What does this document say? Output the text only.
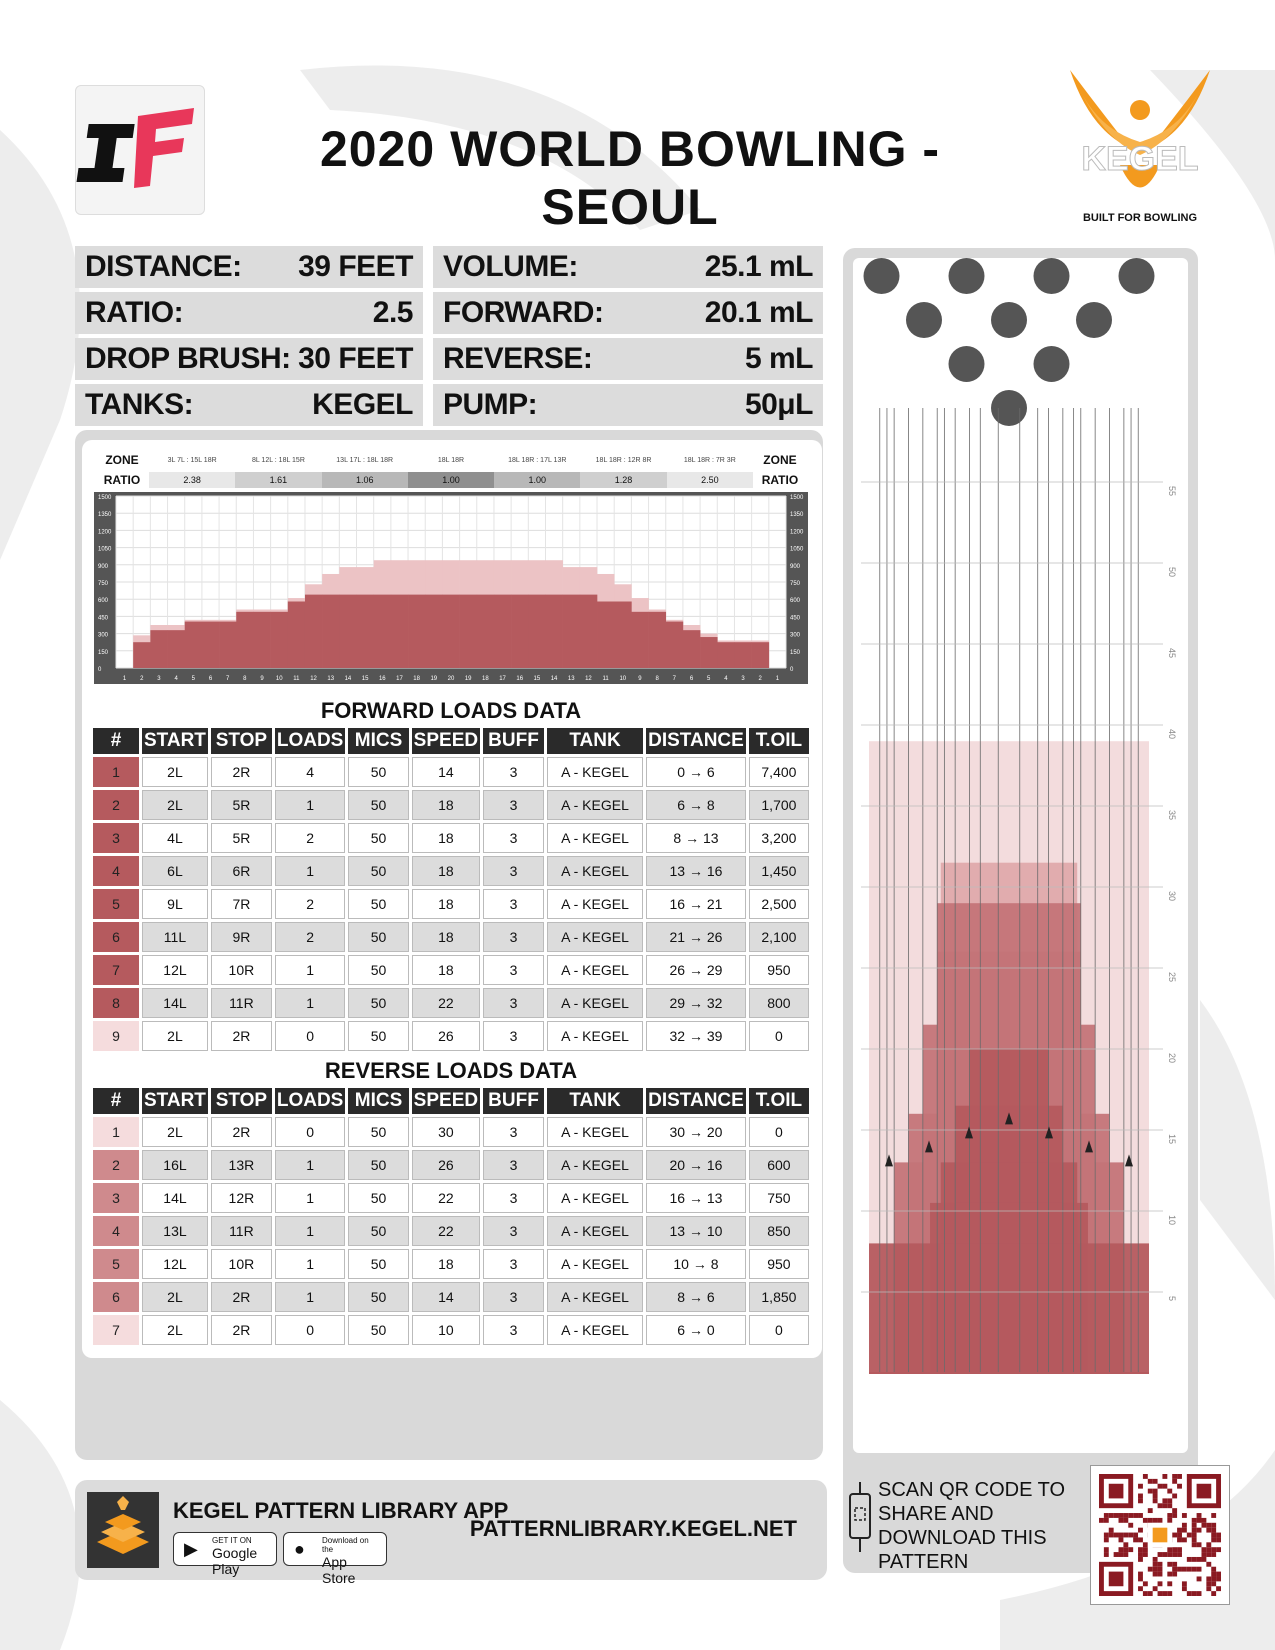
2020 WORLD BOWLING - SEOUL
KEGEL
BUILT FOR BOWLING
DISTANCE: 39 FEET
RATIO:	2.5
DROP BRUSH: 30 FEET
TANKS:	KEGEL
VOLUME:	25.1 mL
FORWARD:	20.1 mL
REVERSE:	5 mL
PUMP:	50μL
ZONE	3L 7L : 15L 18R	8L 12L : 18L 15R	13L 17L : 18L 18R	18L 18R	18L 18R : 17L 13R	18L 18R : 12R 8R	18L 18R : 7R 3R	ZONE
RATIO	2.38	1.61	1.06	1.00	1.00	1.28	2.50	RATIO
0	0
150	150
300	300
450	450
600	600
750	750
900	900
1050	1050
1200	1200
1350	1350
1500	1500
1 2 3 4 5 6 7 8 9 10 11 12 13 14 15 16 17 18 19 20 19 18 17 16 15 14 13 12 11 10 9 8 7 6 5 4 3 2 1
FORWARD LOADS DATA
#	START	STOP	LOADS	MICS	SPEED	BUFF	TANK	DISTANCE	T.OIL
1	2L	2R	4	50	14	3	A - KEGEL	0 → 6	7,400
2	2L	5R	1	50	18	3	A - KEGEL	6 → 8	1,700
3	4L	5R	2	50	18	3	A - KEGEL	8 → 13	3,200
4	6L	6R	1	50	18	3	A - KEGEL	13 → 16	1,450
5	9L	7R	2	50	18	3	A - KEGEL	16 → 21	2,500
6	11L	9R	2	50	18	3	A - KEGEL	21 → 26	2,100
7	12L	10R	1	50	18	3	A - KEGEL	26 → 29	950
8	14L	11R	1	50	22	3	A - KEGEL	29 → 32	800
9	2L	2R	0	50	26	3	A - KEGEL	32 → 39	0
REVERSE LOADS DATA
#	START	STOP	LOADS	MICS	SPEED	BUFF	TANK	DISTANCE	T.OIL
1	2L	2R	0	50	30	3	A - KEGEL	30 → 20	0
2	16L	13R	1	50	26	3	A - KEGEL	20 → 16	600
3	14L	12R	1	50	22	3	A - KEGEL	16 → 13	750
4	13L	11R	1	50	22	3	A - KEGEL	13 → 10	850
5	12L	10R	1	50	18	3	A - KEGEL	10 → 8	950
6	2L	2R	1	50	14	3	A - KEGEL	8 → 6	1,850
7	2L	2R	0	50	10	3	A - KEGEL	6 → 0	0
5
10
15
20
25
30
35
40
45
50
55
KEGEL PATTERN LIBRARY APP
▶ GET IT ON
Google Play
● Download on the
App Store
PATTERNLIBRARY.KEGEL.NET
SCAN QR CODE TO SHARE AND DOWNLOAD THIS PATTERN
